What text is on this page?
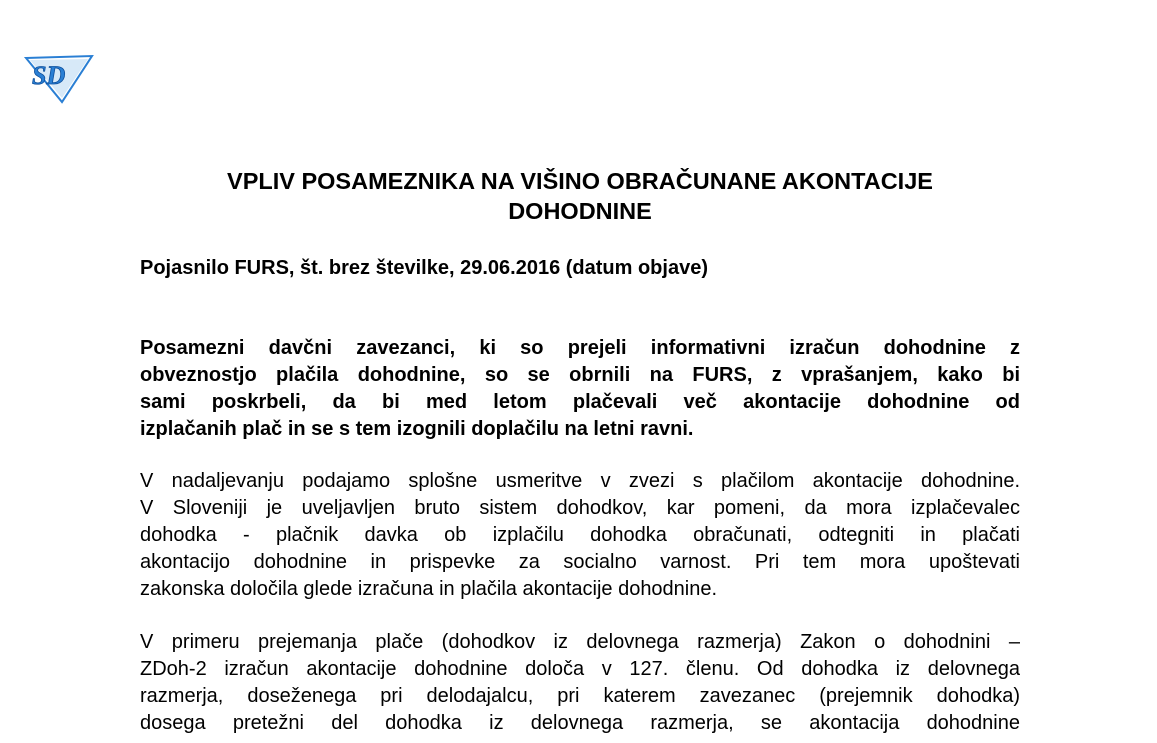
SD
VPLIV POSAMEZNIKA NA VIŠINO OBRAČUNANE AKONTACIJE
DOHODNINE

Pojasnilo FURS, št. brez številke, 29.06.2016 (datum objave)

Posamezni davčni zavezanci, ki so prejeli informativni izračun dohodnine z
obveznostjo plačila dohodnine, so se obrnili na FURS, z vprašanjem, kako bi
sami poskrbeli, da bi med letom plačevali več akontacije dohodnine od
izplačanih plač in se s tem izognili doplačilu na letni ravni.
V nadaljevanju podajamo splošne usmeritve v zvezi s plačilom akontacije dohodnine.
V Sloveniji je uveljavljen bruto sistem dohodkov, kar pomeni, da mora izplačevalec
dohodka - plačnik davka ob izplačilu dohodka obračunati, odtegniti in plačati
akontacijo dohodnine in prispevke za socialno varnost. Pri tem mora upoštevati
zakonska določila glede izračuna in plačila akontacije dohodnine.
V primeru prejemanja plače (dohodkov iz delovnega razmerja) Zakon o dohodnini –
ZDoh-2 izračun akontacije dohodnine določa v 127. členu. Od dohodka iz delovnega
razmerja, doseženega pri delodajalcu, pri katerem zavezanec (prejemnik dohodka)
dosega pretežni del dohodka iz delovnega razmerja, se akontacija dohodnine
